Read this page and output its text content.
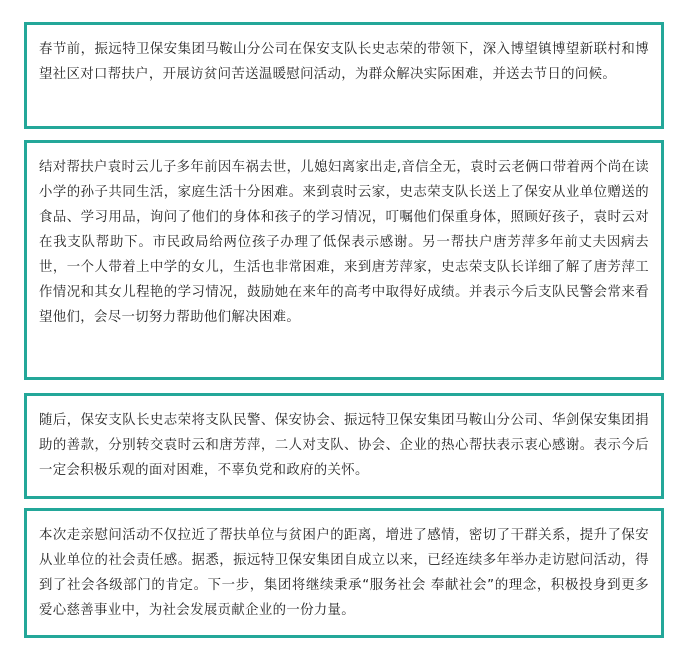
春节前，振远特卫保安集团马鞍山分公司在保安支队长史志荣的带领下，深入博望镇博望新联村和博望社区对口帮扶户，开展访贫问苦送温暖慰问活动，为群众解决实际困难，并送去节日的问候。

结对帮扶户袁时云儿子多年前因车祸去世，儿媳妇离家出走,音信全无，袁时云老俩口带着两个尚在读小学的孙子共同生活，家庭生活十分困难。来到袁时云家，史志荣支队长送上了保安从业单位赠送的食品、学习用品，询问了他们的身体和孩子的学习情况，叮嘱他们保重身体，照顾好孩子，袁时云对在我支队帮助下。市民政局给两位孩子办理了低保表示感谢。另一帮扶户唐芳萍多年前丈夫因病去世，一个人带着上中学的女儿，生活也非常困难，来到唐芳萍家，史志荣支队长详细了解了唐芳萍工作情况和其女儿程艳的学习情况，鼓励她在来年的高考中取得好成绩。并表示今后支队民警会常来看望他们，会尽一切努力帮助他们解决困难。

随后，保安支队长史志荣将支队民警、保安协会、振远特卫保安集团马鞍山分公司、华剑保安集团捐助的善款，分别转交袁时云和唐芳萍，二人对支队、协会、企业的热心帮扶表示衷心感谢。表示今后一定会积极乐观的面对困难，不辜负党和政府的关怀。

本次走亲慰问活动不仅拉近了帮扶单位与贫困户的距离，增进了感情，密切了干群关系，提升了保安从业单位的社会责任感。据悉，振远特卫保安集团自成立以来，已经连续多年举办走访慰问活动，得到了社会各级部门的肯定。下一步，集团将继续秉承“服务社会 奉献社会”的理念，积极投身到更多爱心慈善事业中，为社会发展贡献企业的一份力量。
